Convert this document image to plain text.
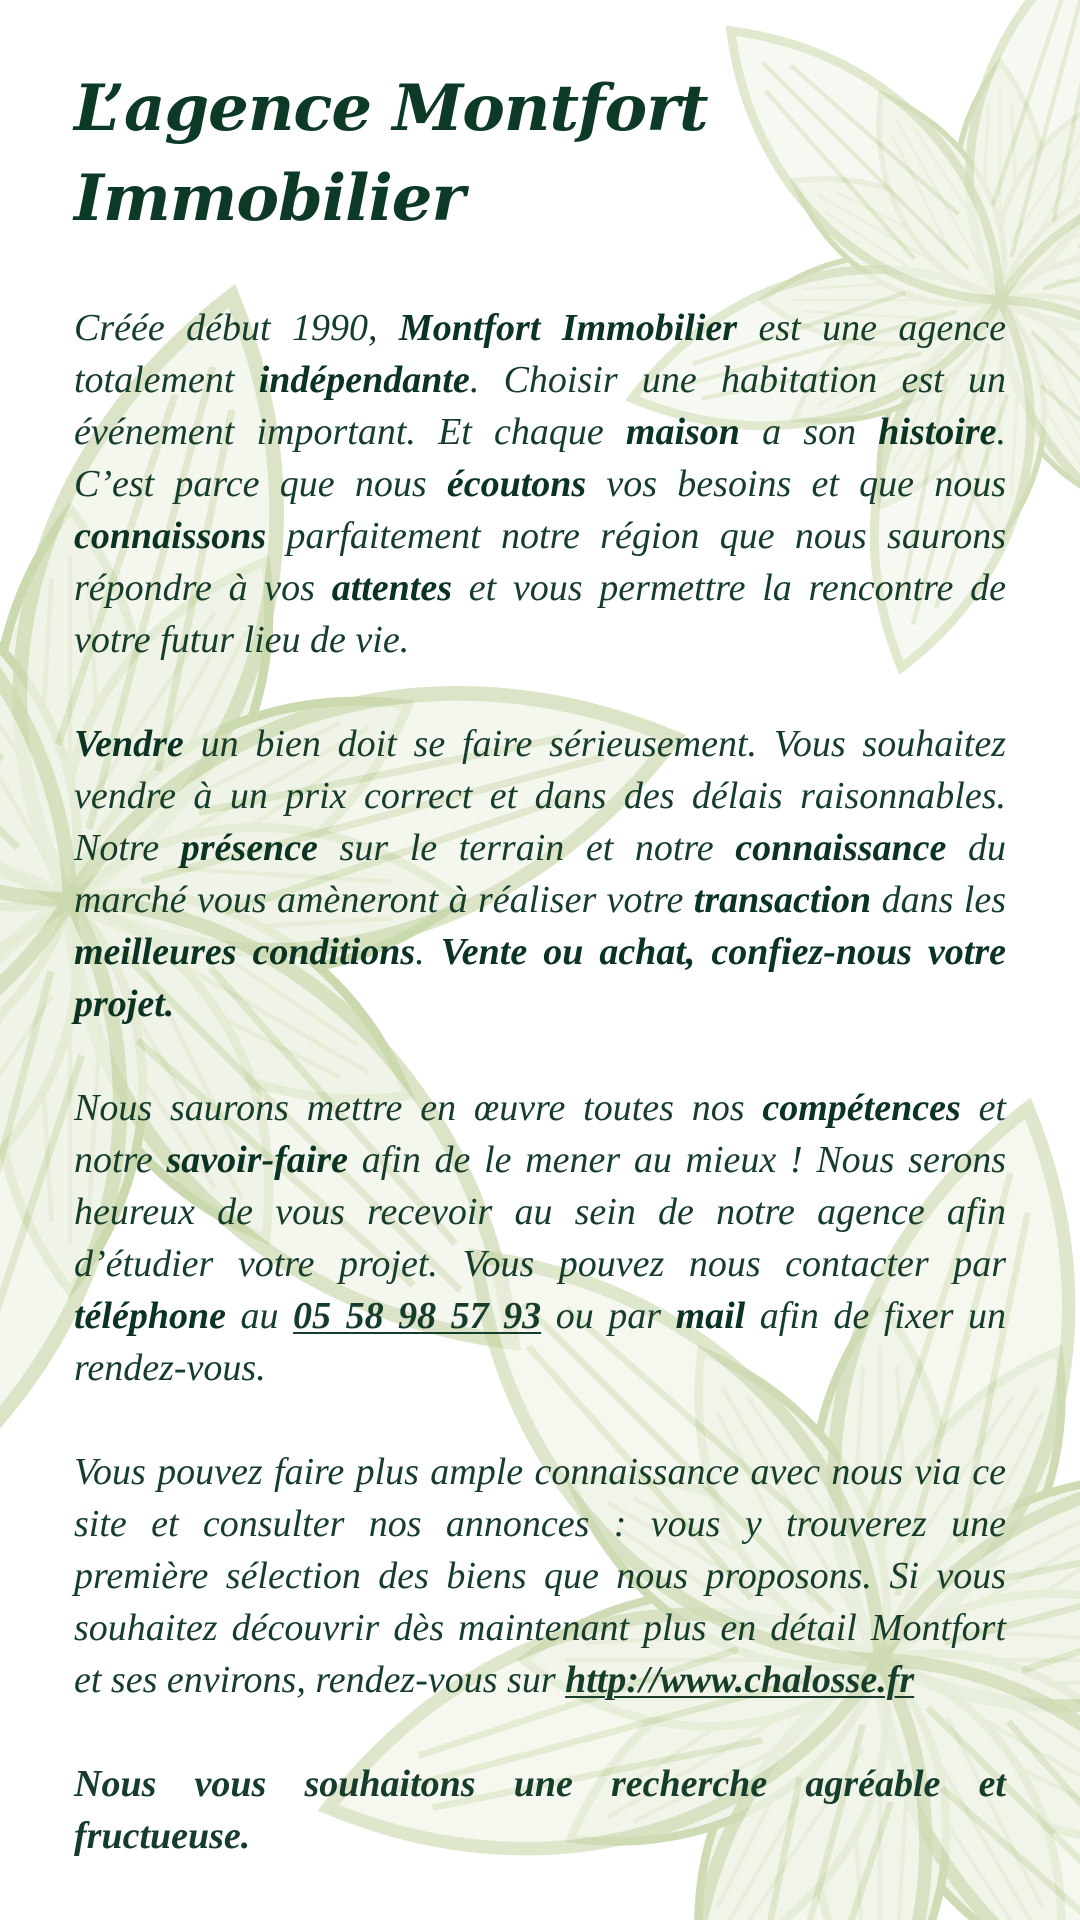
L’agence Montfort Immobilier

Créée début 1990, Montfort Immobilier est une agence totalement indépendante. Choisir une habitation est un événement important. Et chaque maison a son histoire. C’est parce que nous écoutons vos besoins et que nous connaissons parfaitement notre région que nous saurons répondre à vos attentes et vous permettre la rencontre de votre futur lieu de vie.

Vendre un bien doit se faire sérieusement. Vous souhaitez vendre à un prix correct et dans des délais raisonnables. Notre présence sur le terrain et notre connaissance du marché vous amèneront à réaliser votre transaction dans les meilleures conditions. Vente ou achat, confiez-nous votre projet.

Nous saurons mettre en œuvre toutes nos compétences et notre savoir-faire afin de le mener au mieux ! Nous serons heureux de vous recevoir au sein de notre agence afin d’étudier votre projet. Vous pouvez nous contacter par téléphone au 05 58 98 57 93 ou par mail afin de fixer un rendez-vous.

Vous pouvez faire plus ample connaissance avec nous via ce site et consulter nos annonces : vous y trouverez une première sélection des biens que nous proposons. Si vous souhaitez découvrir dès maintenant plus en détail Montfort et ses environs, rendez-vous sur http://www.chalosse.fr

Nous vous souhaitons une recherche agréable et fructueuse.
